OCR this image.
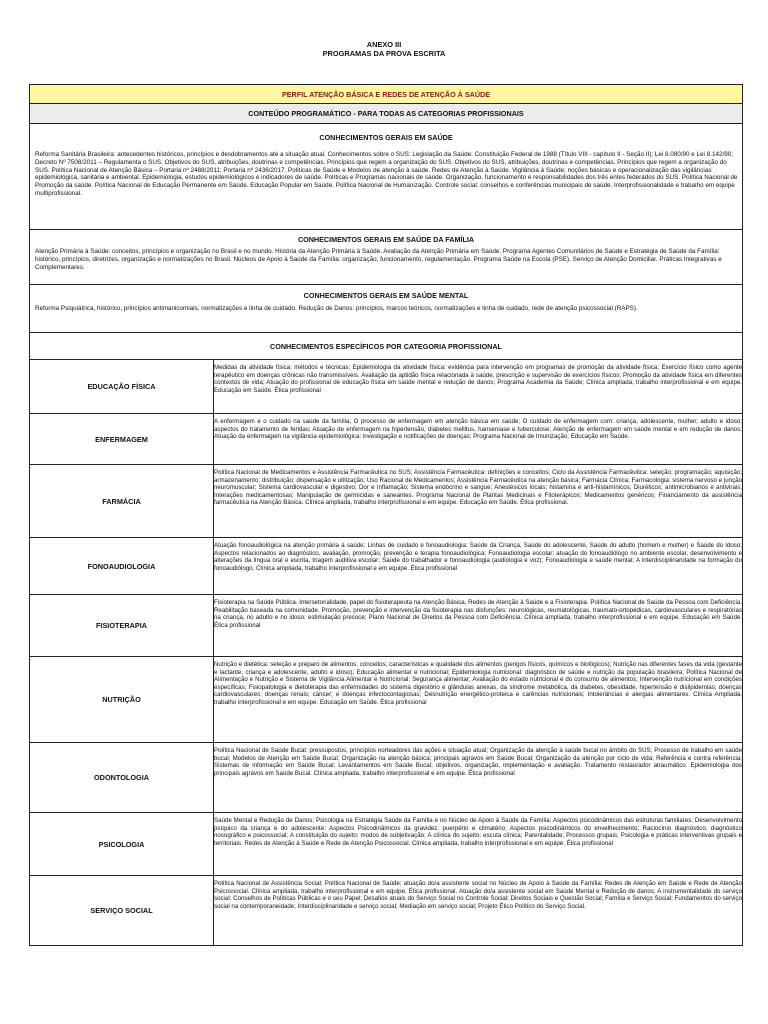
ANEXO III
PROGRAMAS DA PROVA ESCRITA
PERFIL ATENÇÃO BÁSICA E REDES DE ATENÇÃO À SAÚDE	
CONTEÚDO PROGRAMÁTICO - PARA TODAS AS CATEGORIAS PROFISSIONAIS	

CONHECIMENTOS GERAIS EM SAÚDE
Reforma Sanitária Brasileira: antecedentes históricos, princípios e desdobramentos até a situação atual. Conhecimentos sobre o SUS: Legislação da Saúde: Constituição Federal de 1988 (Título VIII - capítulo II - Seção II); Lei 8.080/90 e Lei 8.142/90; Decreto Nº 7508/2011 – Regulamenta o SUS. Objetivos do SUS, atribuições, doutrinas e competências. Princípios que regem a organização do SUS. Objetivos do SUS, atribuições, doutrinas e competências. Princípios que regem a organização do SUS. Política Nacional de Atenção Básica – Portaria nº 2488/2011; Portaria nº 2436/2017. Políticas de Saúde e Modelos de atenção à saúde. Redes de Atenção à Saúde. Vigilância à Saúde: noções básicas e operacionalização das vigilâncias epidemiológica, sanitária e ambiental. Epidemiologia, estudos epidemiológicos e indicadores de saúde. Políticas e Programas nacionais de saúde. Organização, funcionamento e responsabilidades dos três entes federados do SUS. Política Nacional de Promoção da saúde. Política Nacional de Educação Permanente em Saúde. Educação Popular em Saúde. Política Nacional de Humanização. Controle social: conselhos e conferências municipais de saúde. Interprofissionalidade e trabalho em equipe multiprofissional.	

CONHECIMENTOS GERAIS EM SAÚDE DA FAMÍLIA
Atenção Primária à Saúde: conceitos, princípios e organização no Brasil e no mundo. História da Atenção Primária à Saúde. Avaliação da Atenção Primária em Saúde. Programa Agentes Comunitários de Saúde e Estratégia de Saúde da Família: histórico, princípios, diretrizes, organização e normatizações no Brasil. Núcleos de Apoio à Saúde da Família: organização, funcionamento, regulamentação. Programa Saúde na Escola (PSE). Serviço de Atenção Domiciliar. Práticas Integrativas e Complementares.	

CONHECIMENTOS GERAIS EM SAÚDE MENTAL
Reforma Psiquiátrica, histórico, princípios antimanicomiais, normatizações e linha de cuidado. Redução de Danos: princípios, marcos teóricos, normatizações e linha de cuidado, rede de atenção psicossocial (RAPS).	

CONHECIMENTOS ESPECÍFICOS POR CATEGORIA PROFISSIONAL	
EDUCAÇÃO FÍSICA	Medidas da atividade física: métodos e técnicas; Epidemiologia da atividade física: evidência para intervenção em programas de promoção da atividade física; Exercício físico como agente terapêutico em doenças crônicas não transmissíveis. Avaliação da aptidão física relacionada à saúde, prescrição e supervisão de exercícios físicos; Promoção da atividade física em diferentes contextos de vida; Atuação do profissional de educação física em saúde mental e redução de danos; Programa Academia da Saúde; Clínica ampliada, trabalho interprofissional e em equipe. Educação em Saúde. Ética profissional

ENFERMAGEM	A enfermagem e o cuidado na saúde da família; O processo de enfermagem em atenção básica em saúde; O cuidado de enfermagem com: criança, adolescente, mulher, adulto e idoso; aspectos do tratamento de feridas; Atuação de enfermagem na hipertensão, diabetes mellitus, hanseníase e tuberculose; Atenção de enfermagem em saúde mental e em redução de danos; Atuação da enfermagem na vigilância epidemiológica: investigação e notificações de doenças; Programa Nacional de Imunização; Educação em Saúde.

FARMÁCIA	Política Nacional de Medicamentos e Assistência Farmacêutica no SUS; Assistência Farmacêutica: definições e conceitos; Ciclo da Assistência Farmacêutica: seleção; programação; aquisição; armazenamento; distribuição; dispensação e utilização; Uso Racional de Medicamentos; Assistência Farmacêutica na atenção básica; Farmácia Clínica; Farmacologia: sistema nervoso e junção neuromuscular; Sistema cardiovascular e digestivo; Dor e Inflamação; Sistema endócrino e sangue; Anestésicos locais; histamina e anti-histamínicos; Diuréticos; antimicrobianos e antivirais; Interações medicamentosas; Manipulação de germicidas e saneantes. Programa Nacional de Plantas Medicinais e Fitoterápicos; Medicamentos genéricos; Financiamento da assistência farmacêutica na Atenção Básica. Clínica ampliada, trabalho interprofissional e em equipe. Educação em Saúde. Ética profissional.

FONOAUDIOLOGIA	Atuação fonoaudiológica na atenção primária à saúde; Linhas de cuidado e fonoaudiologia: Saúde da Criança, Saúde do adolescente, Saúde do adulto (homem e mulher) e Saúde do Idoso; Aspectos relacionados ao diagnóstico, avaliação, promoção, prevenção e terapia fonoaudiológica; Fonoaudiologia escolar: atuação do fonoaudiólogo no ambiente escolar, desenvolvimento e alterações da língua oral e escrita, triagem auditiva escolar; Saúde do trabalhador e fonoaudiologia (audiologia e voz); Fonoaudiologia e saúde mental; A interdisciplinaridade na formação do fonoaudiólogo, Clínica ampliada, trabalho interprofissional e em equipe. Ética profissional

FISIOTERAPIA	Fisioterapia na Saúde Pública. Intersetorialidade, papel do fisioterapeuta na Atenção Básica, Redes de Atenção à Saúde e a Fisioterapia. Política Nacional de Saúde da Pessoa com Deficiência. Reabilitação baseada na comunidade. Promoção, prevenção e intervenção da fisioterapia nas disfunções: neurológicas, reumatológicas, traumato-ortopédicas, cardiovasculares e respiratórias na criança, no adulto e no idoso; estimulação precoce; Plano Nacional de Direitos da Pessoa com Deficiência. Clínica ampliada, trabalho interprofissional e em equipe. Educação em Saúde. Ética profissional

NUTRIÇÃO	Nutrição e dietética: seleção e preparo de alimentos; conceitos, características e qualidade dos alimentos (perigos físicos, químicos e biológicos); Nutrição nas diferentes fases da vida (gestante e lactante, criança e adolescente, adulto e idoso); Educação alimentar e nutricional; Epidemiologia nutricional: diagnóstico de saúde e nutrição da população brasileira; Política Nacional de Alimentação e Nutrição e Sistema de Vigilância Alimentar e Nutricional; Segurança alimentar; Avaliação do estado nutricional e do consumo de alimentos; Intervenção nutricional em condições específicas; Fisiopatologia e dietoterapia das enfermidades do sistema digestório e glândulas anexas, da síndrome metabólica, da diabetes, obesidade, hipertensão e dislipidemias; doenças cardiovasculares; doenças renais; câncer; e doenças infectocontagiosas; Desnutrição energético-proteica e carências nutricionais; Intolerâncias e alergias alimentares. Clínica Ampliada, trabalho interprofissional e em equipe. Educação em Saúde. Ética profissional

ODONTOLOGIA	Política Nacional de Saúde Bucal: pressupostos, princípios norteadores das ações e situação atual; Organização da atenção à saúde bucal no âmbito do SUS; Processo de trabalho em saúde bucal; Modelos de Atenção em Saúde Bucal; Organização na atenção básica; principais agravos em Saúde Bucal; Organização da atenção por ciclo de vida; Referência e contra referência; Sistemas de informação em Saúde Bucal; Levantamentos em Saúde Bucal; objetivos, organização, implementação e avaliação. Tratamento restaurador atraumático. Epidemiologia dos principais agravos em Saúde Bucal. Clínica ampliada, trabalho interprofissional e em equipe. Ética profissional

PSICOLOGIA	Saúde Mental e Redução de Danos; Psicologia na Estratégia Saúde da Família e no Núcleo de Apoio à Saúde da Família; Aspectos psicodinâmicos das estruturas familiares; Desenvolvimento psíquico da criança e do adolescente; Aspectos Psicodinâmicos da gravidez, puerpério e climatério; Aspectos psicodinâmicos do envelhecimento; Raciocínio diagnóstico, diagnóstico nosográfico e psicossocial; A constituição do sujeito: modos de subjetivação; A clínica do sujeito: escuta clínica; Parentalidade; Processos grupais; Psicologia e práticas interventivas grupais e territoriais. Redes de Atenção à Saúde e Rede de Atenção Psicossocial. Clínica ampliada, trabalho interprofissional e em equipe. Ética profissional

SERVIÇO SOCIAL	Política Nacional de Assistência Social; Política Nacional de Saúde; atuação do/a assistente social no Núcleo de Apoio à Saúde da Família; Redes de Atenção em Saúde e Rede de Atenção Psicossocial. Clínica ampliada, trabalho interprofissional e em equipe. Ética profissional. Atuação do/a assistente social em Saúde Mental e Redução de danos; A instrumentalidade do serviço social; Conselhos de Políticas Públicas e o seu Papel; Desafios atuais do Serviço Social no Controle Social; Direitos Sociais e Questão Social; Família e Serviço Social; Fundamentos do serviço social na contemporaneidade; Interdisciplinaridade e serviço social; Mediação em serviço social; Projeto Ético Político do Serviço Social.
